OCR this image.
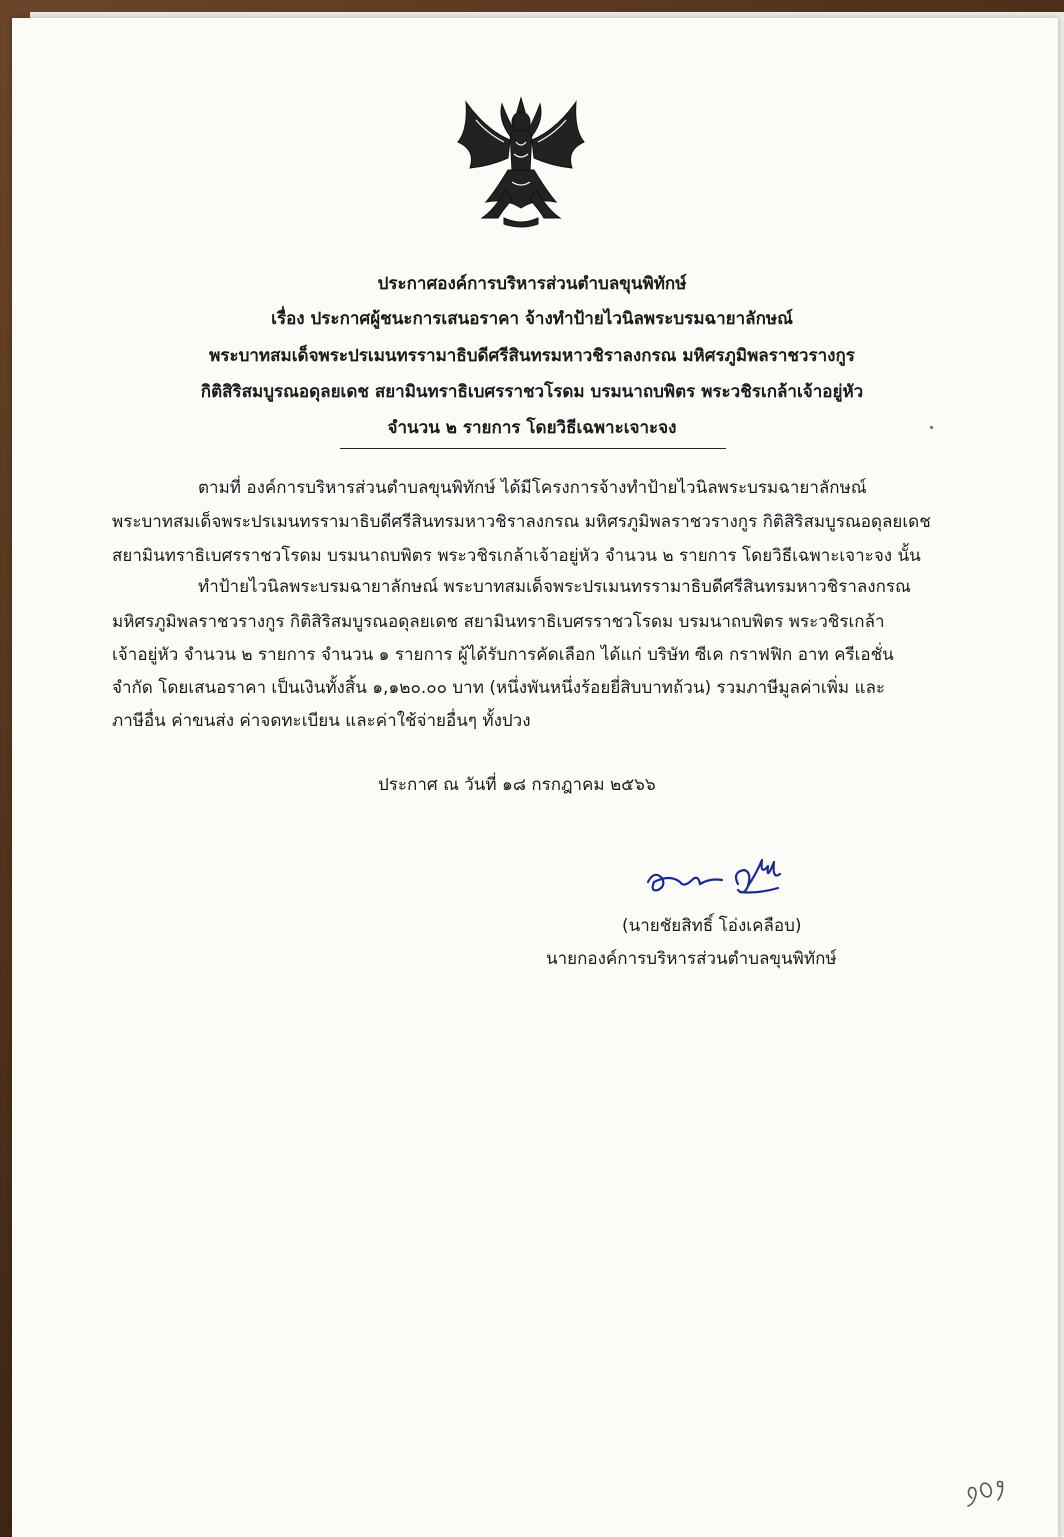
ประกาศองค์การบริหารส่วนตำบลขุนพิทักษ์
เรื่อง ประกาศผู้ชนะการเสนอราคา จ้างทำป้ายไวนิลพระบรมฉายาลักษณ์
พระบาทสมเด็จพระปรเมนทรรามาธิบดีศรีสินทรมหาวชิราลงกรณ มหิศรภูมิพลราชวรางกูร
กิติสิริสมบูรณอดุลยเดช สยามินทราธิเบศรราชวโรดม บรมนาถบพิตร พระวชิรเกล้าเจ้าอยู่หัว
จำนวน ๒ รายการ โดยวิธีเฉพาะเจาะจง
ตามที่ องค์การบริหารส่วนตำบลขุนพิทักษ์ ได้มีโครงการจ้างทำป้ายไวนิลพระบรมฉายาลักษณ์
พระบาทสมเด็จพระปรเมนทรรามาธิบดีศรีสินทรมหาวชิราลงกรณ มหิศรภูมิพลราชวรางกูร กิติสิริสมบูรณอดุลยเดช
สยามินทราธิเบศรราชวโรดม บรมนาถบพิตร พระวชิรเกล้าเจ้าอยู่หัว จำนวน ๒ รายการ โดยวิธีเฉพาะเจาะจง นั้น
ทำป้ายไวนิลพระบรมฉายาลักษณ์ พระบาทสมเด็จพระปรเมนทรรามาธิบดีศรีสินทรมหาวชิราลงกรณ
มหิศรภูมิพลราชวรางกูร กิติสิริสมบูรณอดุลยเดช สยามินทราธิเบศรราชวโรดม บรมนาถบพิตร พระวชิรเกล้า
เจ้าอยู่หัว จำนวน ๒ รายการ จำนวน ๑ รายการ ผู้ได้รับการคัดเลือก ได้แก่ บริษัท ซีเค กราฟฟิก อาท ครีเอชั่น
จำกัด โดยเสนอราคา เป็นเงินทั้งสิ้น ๑,๑๒๐.๐๐ บาท (หนึ่งพันหนึ่งร้อยยี่สิบบาทถ้วน) รวมภาษีมูลค่าเพิ่ม และ
ภาษีอื่น ค่าขนส่ง ค่าจดทะเบียน และค่าใช้จ่ายอื่นๆ ทั้งปวง
ประกาศ ณ วันที่ ๑๘ กรกฎาคม ๒๕๖๖
(นายชัยสิทธิ์ โอ่งเคลือบ)
นายกองค์การบริหารส่วนตำบลขุนพิทักษ์
